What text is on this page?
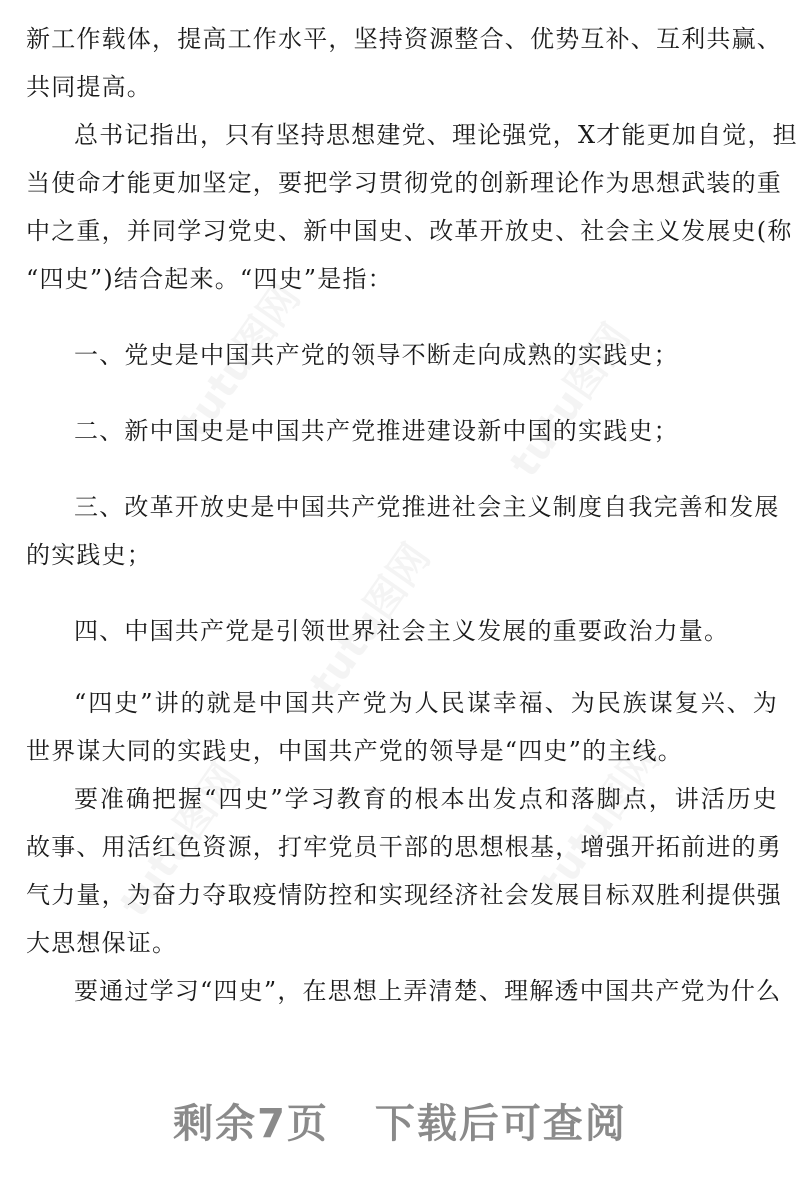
新工作载体，提高工作水平，坚持资源整合、优势互补、互利共赢、
共同提高。
总书记指出，只有坚持思想建党、理论强党，X才能更加自觉，担
当使命才能更加坚定，要把学习贯彻党的创新理论作为思想武装的重
中之重，并同学习党史、新中国史、改革开放史、社会主义发展史(称
“四史”)结合起来。“四史”是指：
一、党史是中国共产党的领导不断走向成熟的实践史；
二、新中国史是中国共产党推进建设新中国的实践史；
三、改革开放史是中国共产党推进社会主义制度自我完善和发展
的实践史；
四、中国共产党是引领世界社会主义发展的重要政治力量。
“四史”讲的就是中国共产党为人民谋幸福、为民族谋复兴、为
世界谋大同的实践史，中国共产党的领导是“四史”的主线。
要准确把握“四史”学习教育的根本出发点和落脚点，讲活历史
故事、用活红色资源，打牢党员干部的思想根基，增强开拓前进的勇
气力量，为奋力夺取疫情防控和实现经济社会发展目标双胜利提供强
大思想保证。
要通过学习“四史”，在思想上弄清楚、理解透中国共产党为什么
剩余7页 下载后可查阅
